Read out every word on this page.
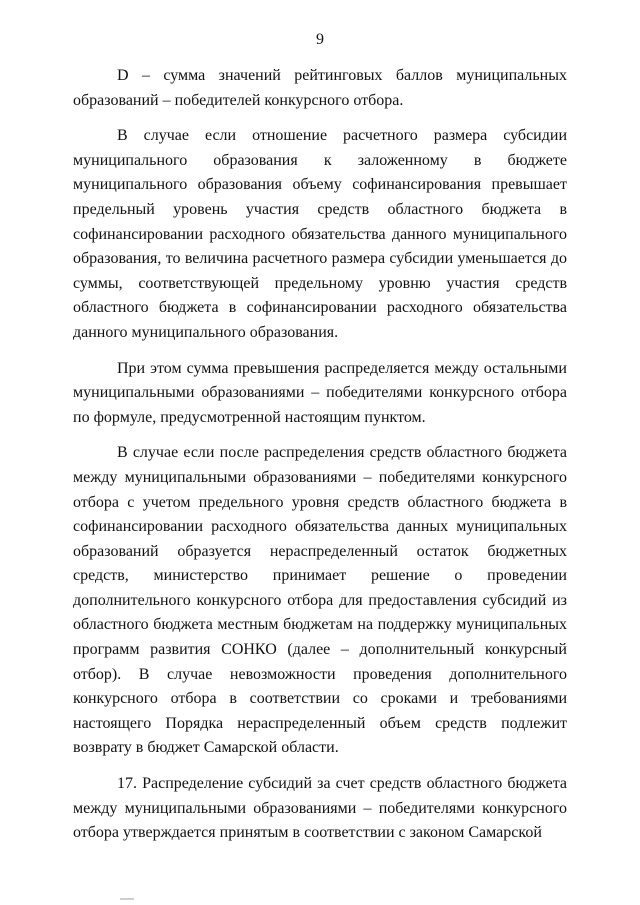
9

D – сумма значений рейтинговых баллов муниципальных образований – победителей конкурсного отбора.

В случае если отношение расчетного размера субсидии муниципального образования к заложенному в бюджете муниципального образования объему софинансирования превышает предельный уровень участия средств областного бюджета в софинансировании расходного обязательства данного муниципального образования, то величина расчетного размера субсидии уменьшается до суммы, соответствующей предельному уровню участия средств областного бюджета в софинансировании расходного обязательства данного муниципального образования.

При этом сумма превышения распределяется между остальными муниципальными образованиями – победителями конкурсного отбора по формуле, предусмотренной настоящим пунктом.

В случае если после распределения средств областного бюджета между муниципальными образованиями – победителями конкурсного отбора с учетом предельного уровня средств областного бюджета в софинансировании расходного обязательства данных муниципальных образований образуется нераспределенный остаток бюджетных средств, министерство принимает решение о проведении дополнительного конкурсного отбора для предоставления субсидий из областного бюджета местным бюджетам на поддержку муниципальных программ развития СОНКО (далее – дополнительный конкурсный отбор). В случае невозможности проведения дополнительного конкурсного отбора в соответствии со сроками и требованиями настоящего Порядка нераспределенный объем средств подлежит возврату в бюджет Самарской области.

17. Распределение субсидий за счет средств областного бюджета между муниципальными образованиями – победителями конкурсного отбора утверждается принятым в соответствии с законом Самарской
